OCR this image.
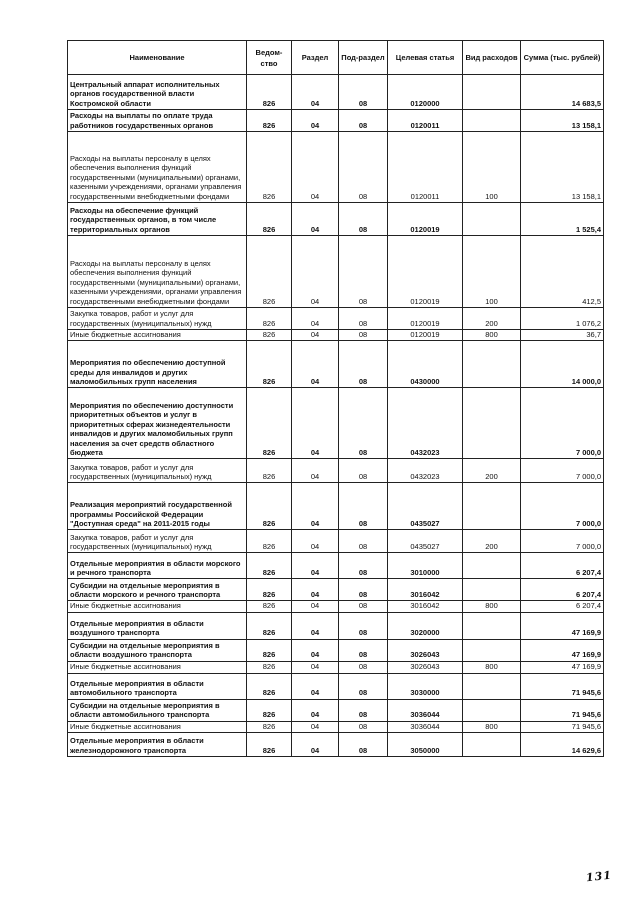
Наименование	Ведом-ство	Раздел	Под-раздел	Целевая статья	Вид расходов	Сумма (тыс. рублей)
Центральный аппарат исполнительных органов государственной власти Костромской области	826	04	08	0120000		14 683,5
Расходы на выплаты по оплате труда работников государственных органов	826	04	08	0120011		13 158,1
Расходы на выплаты персоналу в целях обеспечения выполнения функций государственными (муниципальными) органами, казенными учреждениями, органами управления государственными внебюджетными фондами	826	04	08	0120011	100	13 158,1
Расходы на обеспечение функций государственных органов, в том числе территориальных органов	826	04	08	0120019		1 525,4
Расходы на выплаты персоналу в целях обеспечения выполнения функций государственными (муниципальными) органами, казенными учреждениями, органами управления государственными внебюджетными фондами	826	04	08	0120019	100	412,5
Закупка товаров, работ и услуг для государственных (муниципальных) нужд	826	04	08	0120019	200	1 076,2
Иные бюджетные ассигнования	826	04	08	0120019	800	36,7
Мероприятия по обеспечению доступной среды для инвалидов и других маломобильных групп населения	826	04	08	0430000		14 000,0
Мероприятия по обеспечению доступности приоритетных объектов и услуг в приоритетных сферах жизнедеятельности инвалидов и других маломобильных групп населения за счет средств областного бюджета	826	04	08	0432023		7 000,0
Закупка товаров, работ и услуг для государственных (муниципальных) нужд	826	04	08	0432023	200	7 000,0
Реализация мероприятий государственной программы Российской Федерации "Доступная среда" на 2011-2015 годы	826	04	08	0435027		7 000,0
Закупка товаров, работ и услуг для государственных (муниципальных) нужд	826	04	08	0435027	200	7 000,0
Отдельные мероприятия в области морского и речного транспорта	826	04	08	3010000		6 207,4
Субсидии на отдельные мероприятия в области морского и речного транспорта	826	04	08	3016042		6 207,4
Иные бюджетные ассигнования	826	04	08	3016042	800	6 207,4
Отдельные мероприятия в области воздушного транспорта	826	04	08	3020000		47 169,9
Субсидии на отдельные мероприятия в области воздушного транспорта	826	04	08	3026043		47 169,9
Иные бюджетные ассигнования	826	04	08	3026043	800	47 169,9
Отдельные мероприятия в области автомобильного транспорта	826	04	08	3030000		71 945,6
Субсидии на отдельные мероприятия в области автомобильного транспорта	826	04	08	3036044		71 945,6
Иные бюджетные ассигнования	826	04	08	3036044	800	71 945,6
Отдельные мероприятия в области железнодорожного транспорта	826	04	08	3050000		14 629,6
131
